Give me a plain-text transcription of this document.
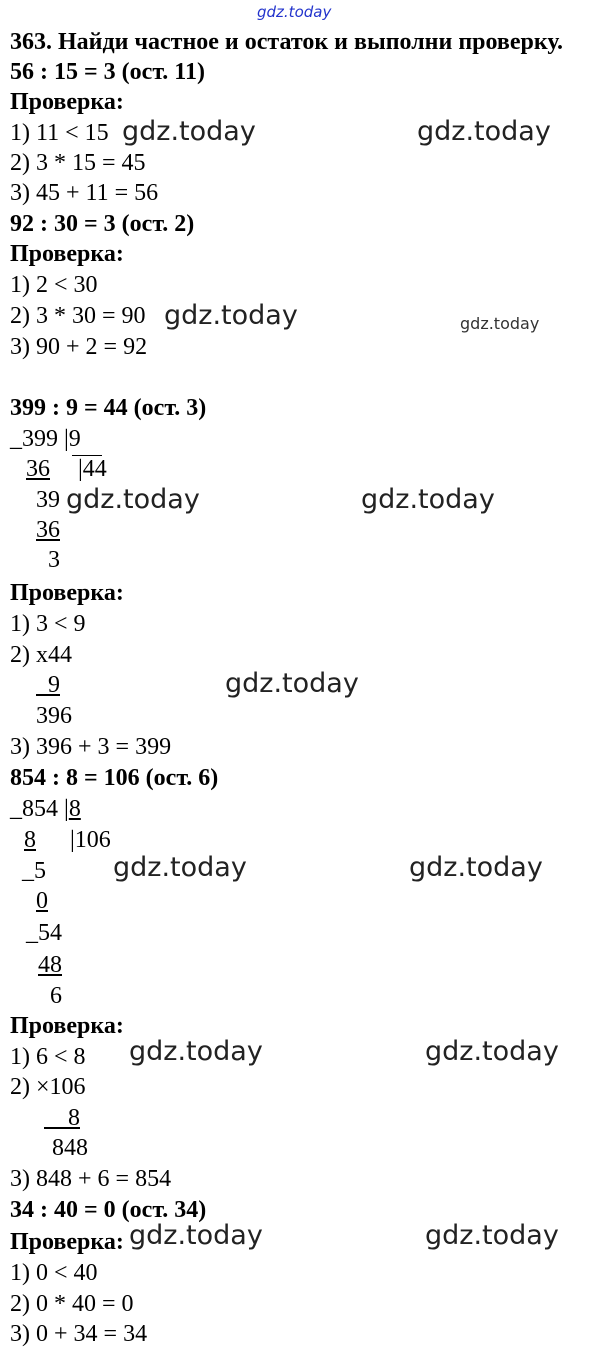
gdz.today
363. Найди частное и остаток и выполни проверку.
56 : 15 = 3 (ост. 11)
Проверка:
1) 11 < 15
2) 3 * 15 = 45
3) 45 + 11 = 56
92 : 30 = 3 (ост. 2)
Проверка:
1) 2 < 30
2) 3 * 30 = 90
3) 90 + 2 = 92
399 : 9 = 44 (ост. 3)
_399 |9
36 |44
39
36
3
Проверка:
1) 3 < 9
2) х44
9
396
3) 396 + 3 = 399
854 : 8 = 106 (ост. 6)
_854 |8
8 |106
_5
0
_54
48
6
Проверка:
1) 6 < 8
2) ×106
8
848
3) 848 + 6 = 854
34 : 40 = 0 (ост. 34)
Проверка:
1) 0 < 40
2) 0 * 40 = 0
3) 0 + 34 = 34
gdz.today	gdz.today
gdz.today	gdz.today
gdz.today	gdz.today
gdz.today
gdz.today	gdz.today
gdz.today	gdz.today
gdz.today	gdz.today
